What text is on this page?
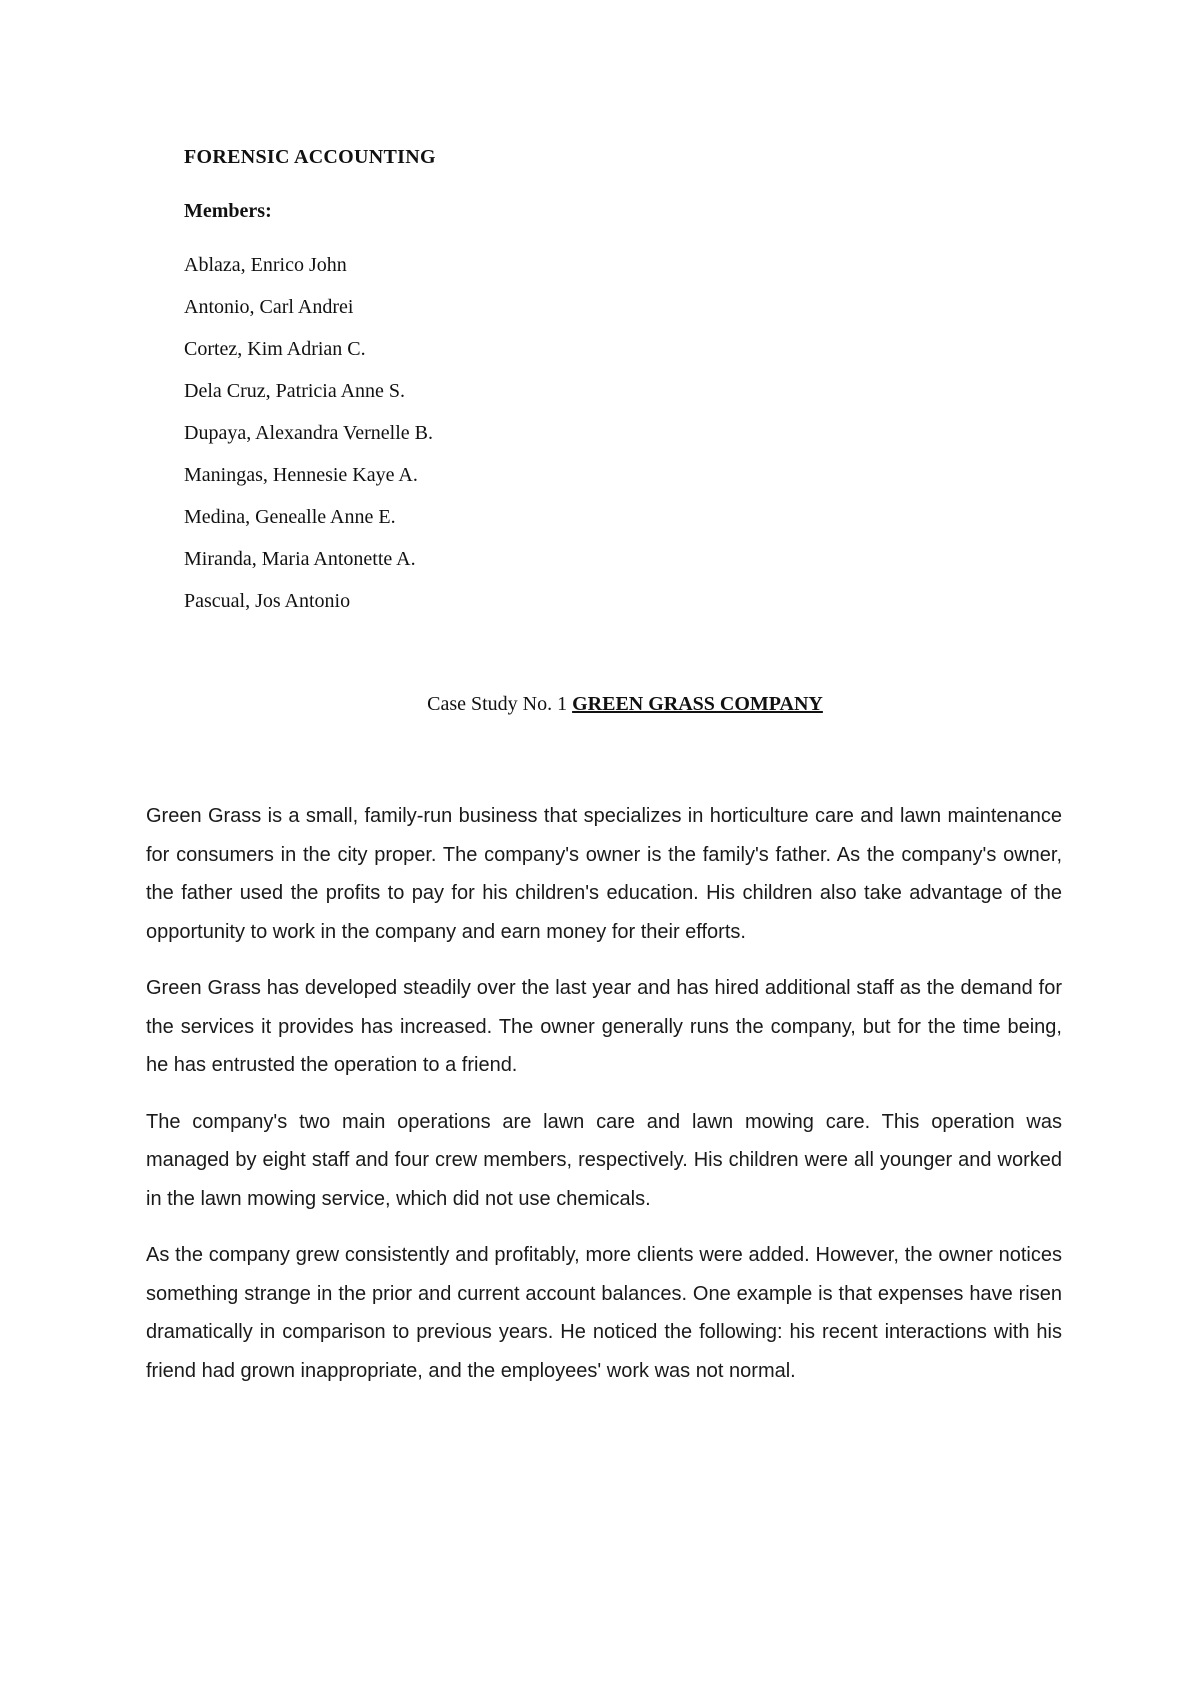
FORENSIC ACCOUNTING
Members:
Ablaza, Enrico John
Antonio, Carl Andrei
Cortez, Kim Adrian C.
Dela Cruz, Patricia Anne S.
Dupaya, Alexandra Vernelle B.
Maningas, Hennesie Kaye A.
Medina, Genealle Anne E.
Miranda, Maria Antonette A.
Pascual, Jos Antonio
Case Study No. 1 GREEN GRASS COMPANY

Green Grass is a small, family-run business that specializes in horticulture care and lawn maintenance for consumers in the city proper. The company's owner is the family's father. As the company's owner, the father used the profits to pay for his children's education. His children also take advantage of the opportunity to work in the company and earn money for their efforts.

Green Grass has developed steadily over the last year and has hired additional staff as the demand for the services it provides has increased. The owner generally runs the company, but for the time being, he has entrusted the operation to a friend.

The company's two main operations are lawn care and lawn mowing care. This operation was managed by eight staff and four crew members, respectively. His children were all younger and worked in the lawn mowing service, which did not use chemicals.

As the company grew consistently and profitably, more clients were added. However, the owner notices something strange in the prior and current account balances. One example is that expenses have risen dramatically in comparison to previous years. He noticed the following: his recent interactions with his friend had grown inappropriate, and the employees' work was not normal.
